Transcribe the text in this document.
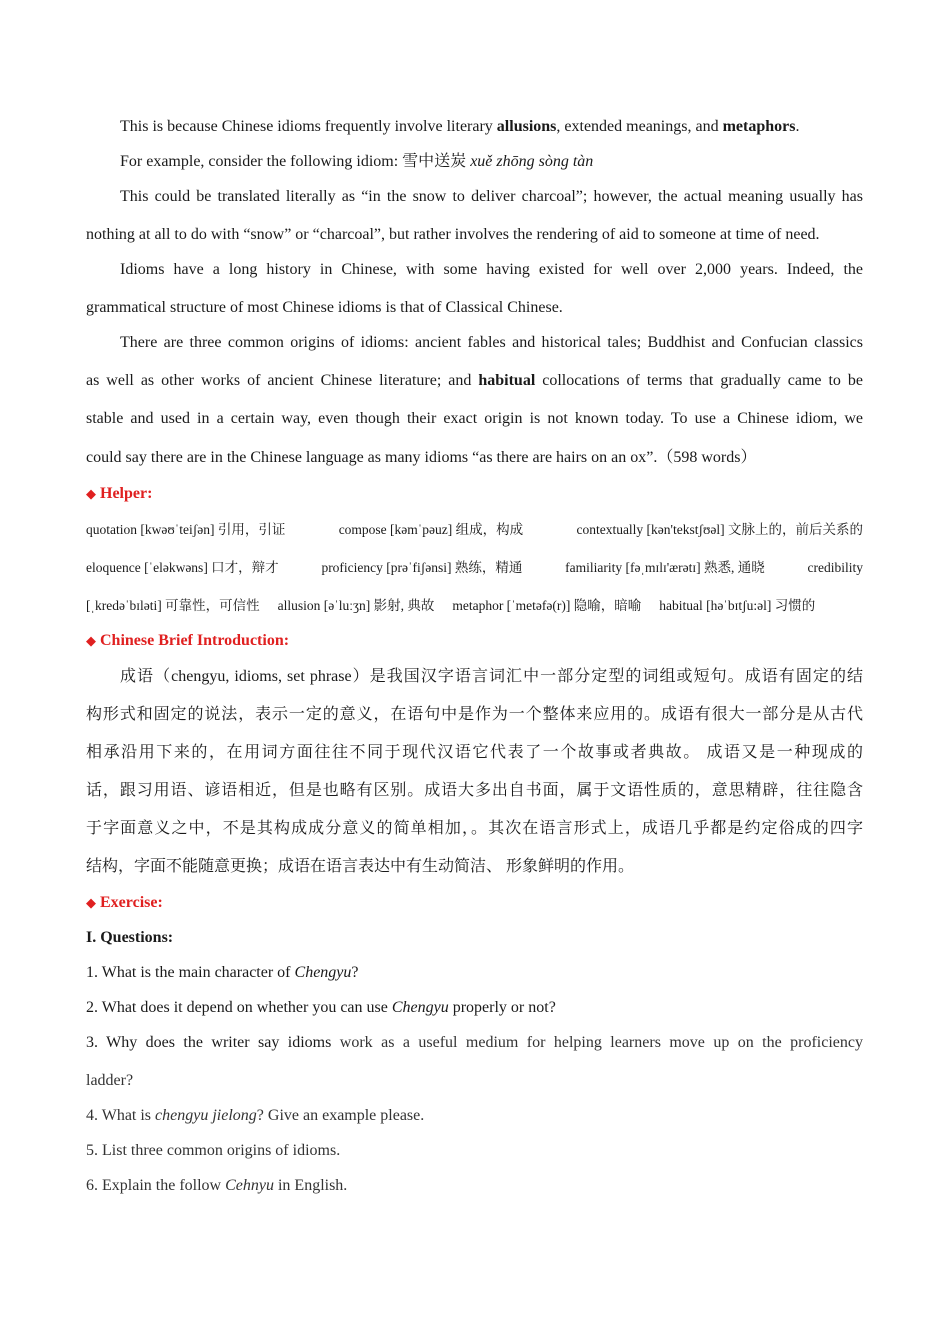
This is because Chinese idioms frequently involve literary allusions, extended meanings, and metaphors.
For example, consider the following idiom: 雪中送炭 xuě zhōng sòng tàn
This could be translated literally as “in the snow to deliver charcoal”; however, the actual meaning usually has
nothing at all to do with “snow” or “charcoal”, but rather involves the rendering of aid to someone at time of need.
Idioms have a long history in Chinese, with some having existed for well over 2,000 years. Indeed, the
grammatical structure of most Chinese idioms is that of Classical Chinese.
There are three common origins of idioms: ancient fables and historical tales; Buddhist and Confucian classics
as well as other works of ancient Chinese literature; and habitual collocations of terms that gradually came to be
stable and used in a certain way, even though their exact origin is not known today. To use a Chinese idiom, we
could say there are in the Chinese language as many idioms “as there are hairs on an ox”.（598 words）
◆ Helper:
quotation [kwəʊˈteiʃən] 引用，引证	compose [kəmˈpəuz] 组成，构成	contextually [kən'tekstʃʊəl] 文脉上的，前后关系的
eloquence [ˈeləkwəns] 口才，辩才	proficiency [prəˈfiʃənsi] 熟练，精通	familiarity [fəˌmɪlɪ'ærətɪ] 熟悉, 通晓	credibility
[ˌkredəˈbɪləti] 可靠性，可信性 allusion [əˈluːʒn] 影射, 典故 metaphor [ˈmetəfə(r)] 隐喻，暗喻 habitual [həˈbɪtʃu:əl] 习惯的
◆ Chinese Brief Introduction:
成语（chengyu, idioms, set phrase）是我国汉字语言词汇中一部分定型的词组或短句。成语有固定的结
构形式和固定的说法，表示一定的意义，在语句中是作为一个整体来应用的。成语有很大一部分是从古代
相承沿用下来的，在用词方面往往不同于现代汉语它代表了一个故事或者典故。 成语又是一种现成的
话，跟习用语、谚语相近，但是也略有区别。成语大多出自书面，属于文语性质的，意思精辟，往往隐含
于字面意义之中，不是其构成成分意义的简单相加，。其次在语言形式上，成语几乎都是约定俗成的四字
结构，字面不能随意更换；成语在语言表达中有生动简洁、 形象鲜明的作用。
◆ Exercise:
I. Questions:
1. What is the main character of Chengyu?
2. What does it depend on whether you can use Chengyu properly or not?
3. Why does the writer say idioms work as a useful medium for helping learners move up on the proficiency
ladder?
4. What is chengyu jielong? Give an example please.
5. List three common origins of idioms.
6. Explain the follow Cehnyu in English.
